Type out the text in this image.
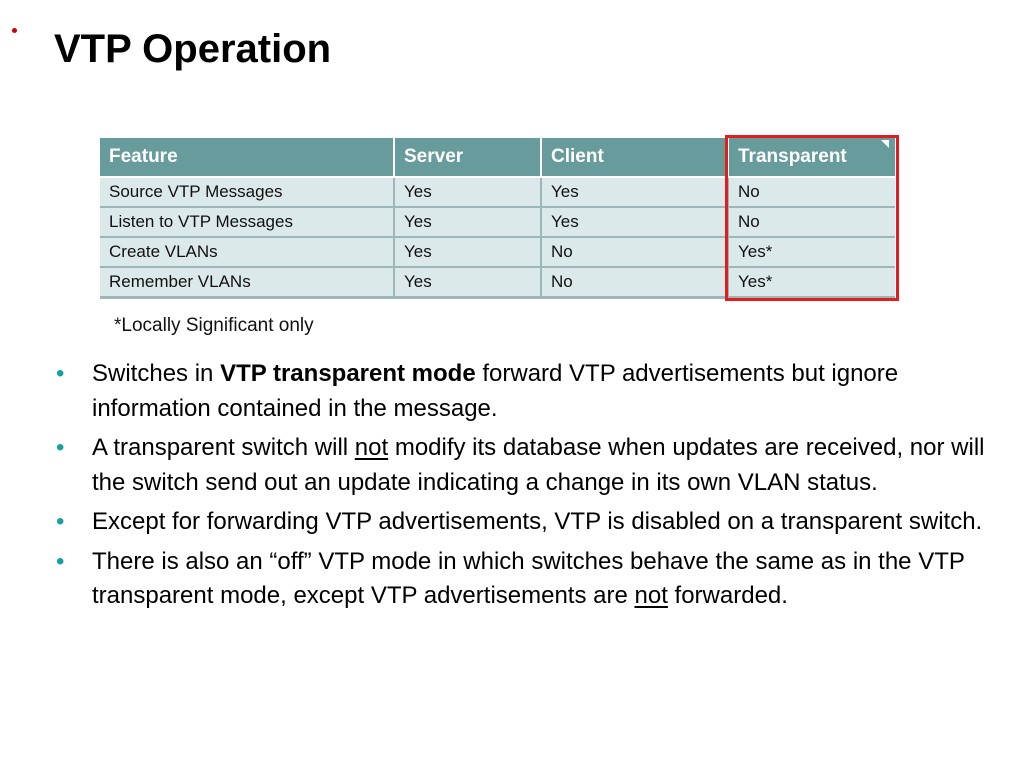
VTP Operation
Feature	Server	Client	Transparent

Source VTP Messages	Yes	Yes	No
Listen to VTP Messages	Yes	Yes	No
Create VLANs	Yes	No	Yes*
Remember VLANs	Yes	No	Yes*
*Locally Significant only
• Switches in VTP transparent mode forward VTP advertisements but ignore information contained in the message.
• A transparent switch will not modify its database when updates are received, nor will the switch send out an update indicating a change in its own VLAN status.
• Except for forwarding VTP advertisements, VTP is disabled on a transparent switch.
• There is also an “off” VTP mode in which switches behave the same as in the VTP transparent mode, except VTP advertisements are not forwarded.
